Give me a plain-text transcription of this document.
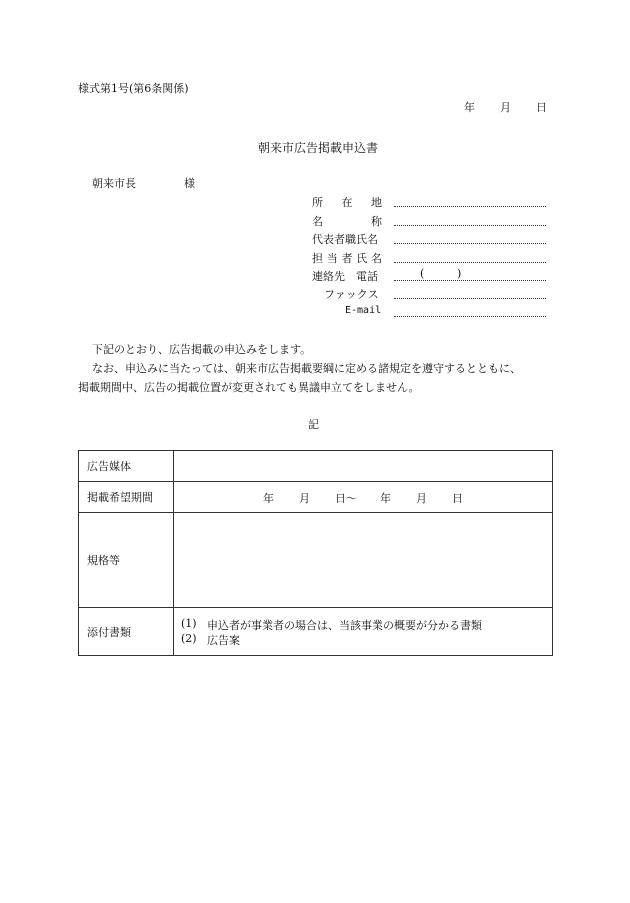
様式第1号(第6条関係)
年 月 日
朝来市広告掲載申込書
朝来市長	様
所 在 地
名	称
代表者職氏名
担 当 者 氏 名
連絡先　電話	(	)
ファックス
E-mail
下記のとおり、広告掲載の申込みをします。
なお、申込みに当たっては、朝来市広告掲載要綱に定める諸規定を遵守するとともに、
掲載期間中、広告の掲載位置が変更されても異議申立てをしません。
記
広告媒体
掲載希望期間	年 月 日〜 年 月 日
規格等
添付書類
(1) 申込者が事業者の場合は、当該事業の概要が分かる書類
(2) 広告案
